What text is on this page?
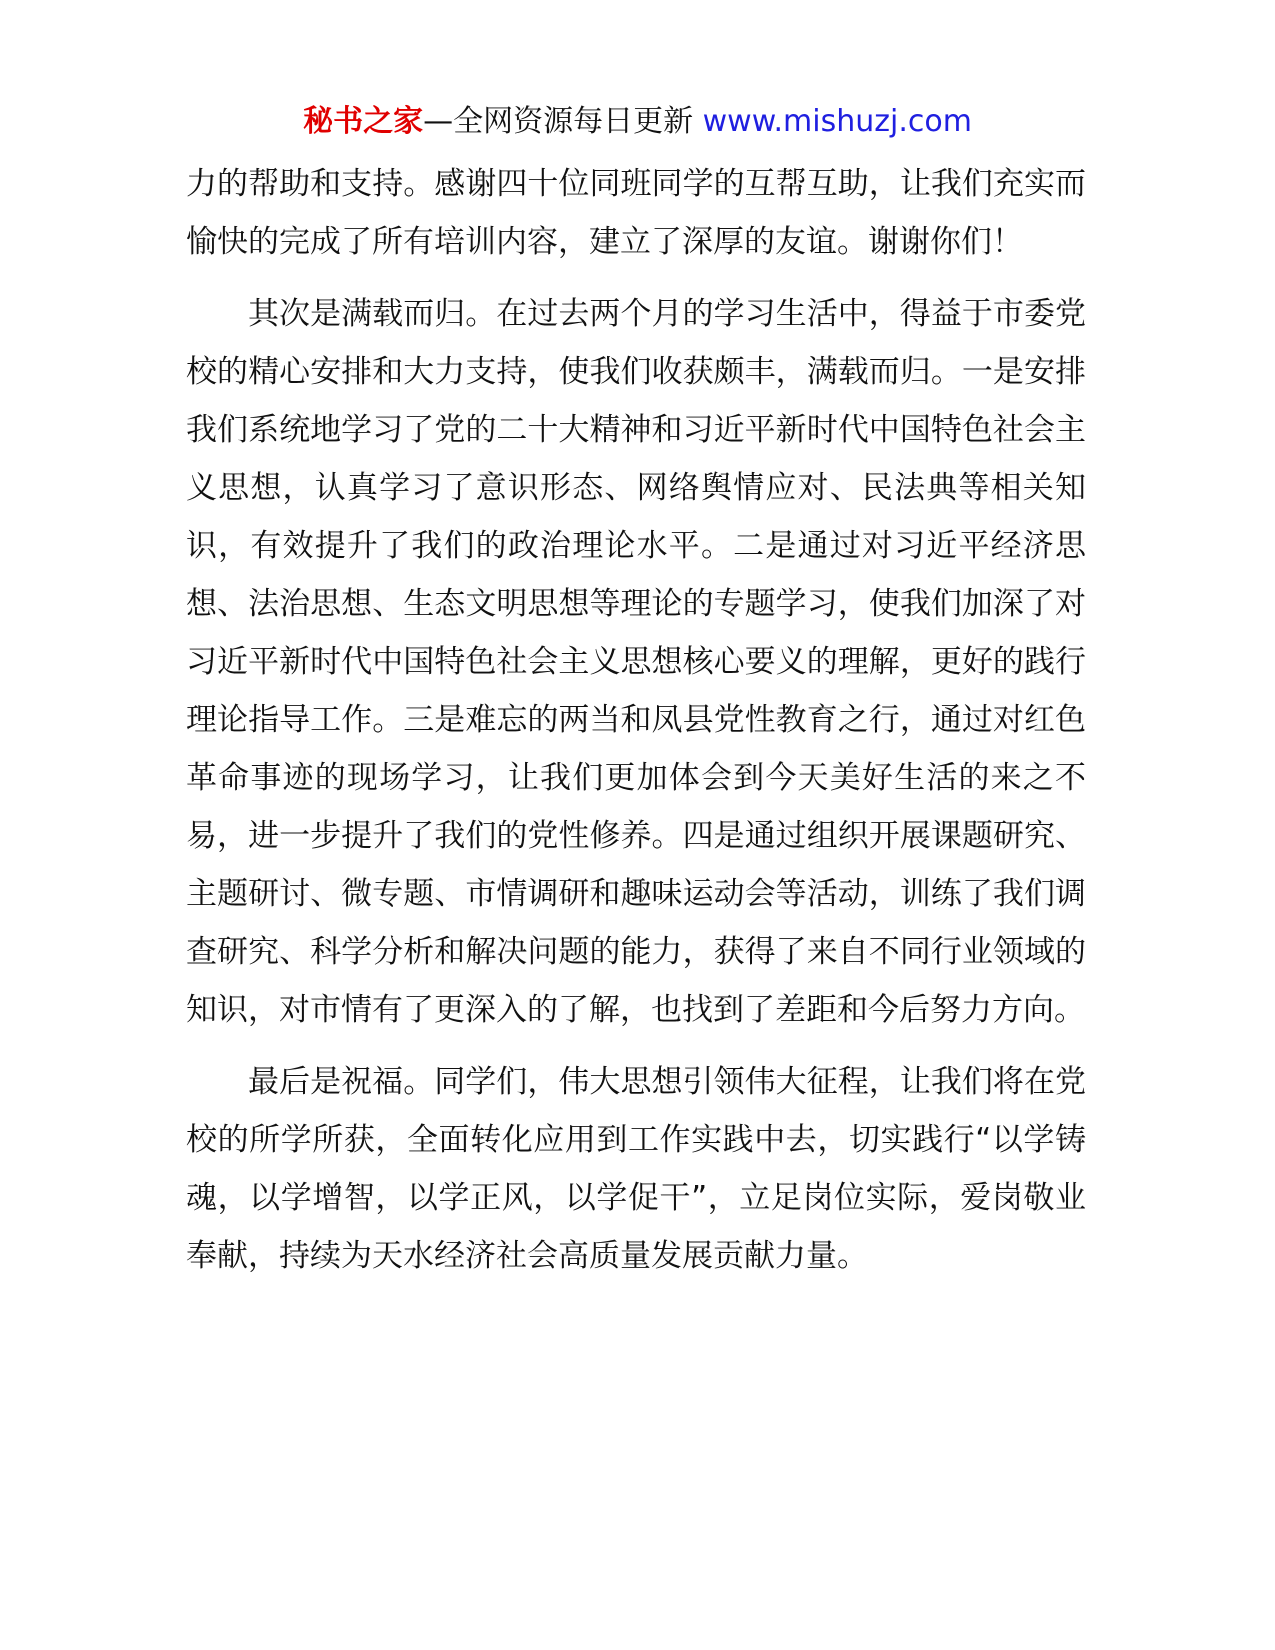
秘书之家—全网资源每日更新 www.mishuzj.com

力的帮助和支持。感谢四十位同班同学的互帮互助，让我们充实而愉快的完成了所有培训内容，建立了深厚的友谊。谢谢你们！

其次是满载而归。在过去两个月的学习生活中，得益于市委党校的精心安排和大力支持，使我们收获颇丰，满载而归。一是安排我们系统地学习了党的二十大精神和习近平新时代中国特色社会主义思想，认真学习了意识形态、网络舆情应对、民法典等相关知识，有效提升了我们的政治理论水平。二是通过对习近平经济思想、法治思想、生态文明思想等理论的专题学习，使我们加深了对习近平新时代中国特色社会主义思想核心要义的理解，更好的践行理论指导工作。三是难忘的两当和凤县党性教育之行，通过对红色革命事迹的现场学习，让我们更加体会到今天美好生活的来之不易，进一步提升了我们的党性修养。四是通过组织开展课题研究、主题研讨、微专题、市情调研和趣味运动会等活动，训练了我们调查研究、科学分析和解决问题的能力，获得了来自不同行业领域的知识，对市情有了更深入的了解，也找到了差距和今后努力方向。

最后是祝福。同学们，伟大思想引领伟大征程，让我们将在党校的所学所获，全面转化应用到工作实践中去，切实践行“以学铸魂，以学增智，以学正风，以学促干”，立足岗位实际，爱岗敬业奉献，持续为天水经济社会高质量发展贡献力量。
